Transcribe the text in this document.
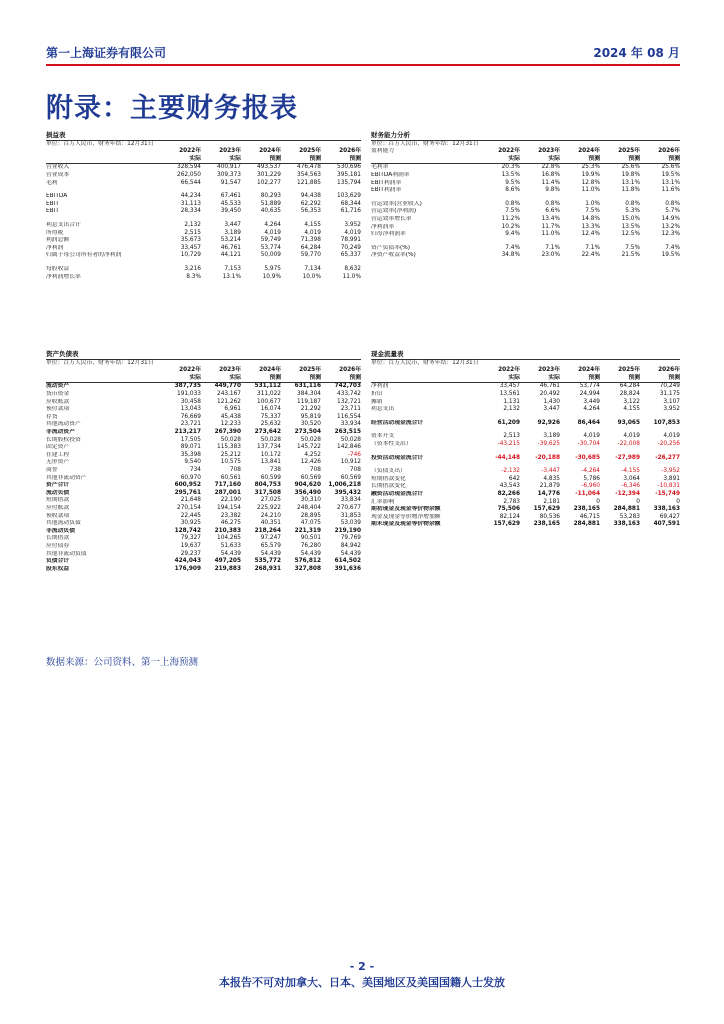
第一上海证券有限公司	2024 年 08 月
附录：主要财务报表
损益表
单位：百万人民币，财务年结：12月31日
2022年	2023年	2024年	2025年	2026年
实际	实际	预测	预测	预测
营业收入	328,594	400,917	493,537	476,478	530,696
营业成本	262,050	309,373	301,229	354,563	395,181
毛利	66,544	91,547	102,277	121,885	135,794
EBITDA	44,234	67,461	80,293	94,438	103,629
EBIT	31,113	45,533	51,889	62,292	68,344
EBIT	28,334	39,450	40,635	56,353	61,716
利息支出合计	2,132	3,447	4,264	4,155	3,952
所得税	2,515	3,189	4,019	4,019	4,019
利润总额	35,673	53,214	59,749	71,398	78,991
净利润	33,457	46,761	53,774	64,284	70,249
归属于母公司所有者的净利润	10,729	44,121	50,009	59,770	65,337
每股收益	3,216	7,153	5,975	7,134	8,632
净利润增长率	8.3%	13.1%	10.9%	10.0%	11.0%
财务能力分析
单位：百万人民币，财务年结：12月31日
盈利能力	2022年	2023年	2024年	2025年	2026年
实际	实际	预测	预测	预测
毛利率	20.3%	22.8%	25.3%	25.6%	25.6%
EBITDA利润率	13.5%	16.8%	19.9%	19.8%	19.5%
EBIT利润率	9.5%	11.4%	12.8%	13.1%	13.1%
EBIT利润率	8.6%	9.8%	11.0%	11.8%	11.6%
营运效率(营业收入)	0.8%	0.8%	1.0%	0.8%	0.8%
营运效率(净利润)	7.5%	6.6%	7.5%	5.3%	5.7%
营运效率增长率	11.2%	13.4%	14.8%	15.0%	14.9%
净利润率	10.2%	11.7%	13.3%	13.5%	13.2%
归母净利润率	9.4%	11.0%	12.4%	12.5%	12.3%
资产负债率(%)	7.4%	7.1%	7.1%	7.5%	7.4%
净资产收益率(%)	34.8%	23.0%	22.4%	21.5%	19.5%
资产负债表
单位：百万人民币，财务年结：12月31日
2022年	2023年	2024年	2025年	2026年
实际	实际	预测	预测	预测
流动资产	387,735	449,770	531,112	631,116	742,703
货币资金	191,033	243,167	311,022	384,304	433,742
应收账款	30,458	121,262	100,677	119,187	132,721
预付款项	13,043	6,961	16,074	21,292	23,711
存货	76,669	45,438	75,337	95,819	116,554
其他流动资产	23,721	12,233	25,632	30,520	33,934
非流动资产	213,217	267,390	273,642	273,504	263,515
长期股权投资	17,505	50,028	50,028	50,028	50,028
固定资产	89,071	115,383	137,734	145,722	142,846
在建工程	35,398	25,212	10,172	4,252	-746
无形资产	9,540	10,575	13,841	12,426	10,912
商誉	734	708	738	708	708
其他非流动资产	60,970	60,561	60,599	60,569	60,569
资产合计	600,952	717,160	804,753	904,620	1,006,218
流动负债	295,761	287,001	317,508	356,490	395,432
短期借款	21,648	22,190	27,025	30,310	33,834
应付账款	270,154	194,154	225,922	248,404	270,677
预收款项	22,445	23,382	24,210	28,895	31,853
其他流动负债	30,925	46,275	40,351	47,075	53,039
非流动负债	128,742	210,383	218,264	221,319	219,190
长期借款	79,327	104,265	97,247	90,501	79,769
应付债券	19,637	51,633	65,579	76,280	84,942
其他非流动负债	29,237	54,439	54,439	54,439	54,439
负债合计	424,043	497,205	535,772	576,812	614,502
股东权益	176,909	219,883	268,931	327,808	391,636
现金流量表
单位：百万人民币，财务年结：12月31日
2022年	2023年	2024年	2025年	2026年
实际	实际	预测	预测	预测
净利润	33,457	46,761	53,774	64,284	70,249
折旧	13,561	20,492	24,994	28,824	31,175
摊销	1,131	1,430	3,449	3,122	3,107
利息支出	2,132	3,447	4,264	4,155	3,952
经营活动现金流合计	61,209	92,926	86,464	93,065	107,853
资本开支	2,513	3,189	4,019	4,019	4,019
（资本性支出）	-43,215	-39,625	-30,704	-22,008	-20,256
投资活动现金流合计	-44,148	-20,188	-30,685	-27,989	-26,277
（负债支出）	-2,132	-3,447	-4,264	-4,155	-3,952
短期借款变化	642	4,835	5,786	3,064	3,891
长期借款变化	43,543	21,879	-6,960	-6,346	-10,831
融资活动现金流合计	82,266	14,776	-11,064	-12,394	-15,749
汇率影响	2,783	2,181	0	0	0
期初现金及现金等价物余额	75,506	157,629	238,165	284,881	338,163
现金及现金等价物净增加额	82,124	80,536	46,715	53,283	69,427
期末现金及现金等价物余额	157,629	238,165	284,881	338,163	407,591
数据来源：公司资料、第一上海预测
- 2 -
本报告不可对加拿大、日本、美国地区及美国国籍人士发放
